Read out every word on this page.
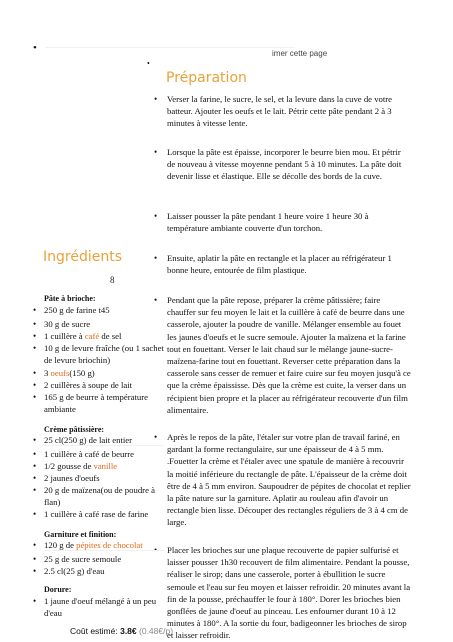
•
•
imer cette page
Préparation
• Verser la farine, le sucre, le sel, et la levure dans la cuve de votre batteur. Ajouter les oeufs et le lait. Pétrir cette pâte pendant 2 à 3 minutes à vitesse lente.
• Lorsque la pâte est épaisse, incorporer le beurre bien mou. Et pétrir de nouveau à vitesse moyenne pendant 5 à 10 minutes. La pâte doit devenir lisse et élastique. Elle se décolle des bords de la cuve.
• Laisser pousser la pâte pendant 1 heure voire 1 heure 30 à température ambiante couverte d'un torchon.
• Ensuite, aplatir la pâte en rectangle et la placer au réfrigérateur 1 bonne heure, entourée de film plastique.
• Pendant que la pâte repose, préparer la crème pâtissière; faire chauffer sur feu moyen le lait et la cuillère à café de beurre dans une casserole, ajouter la poudre de vanille. Mélanger ensemble au fouet les jaunes d'oeufs et le sucre semoule. Ajouter la maïzena et la farine tout en fouettant. Verser le lait chaud sur le mélange jaune-sucre-maïzena-farine tout en fouettant. Reverser cette préparation dans la casserole sans cesser de remuer et faire cuire sur feu moyen jusqu'à ce que la crème épaississe. Dès que la crème est cuite, la verser dans un récipient bien propre et la placer au réfrigérateur recouverte d'un film alimentaire.
• Après le repos de la pâte, l'étaler sur votre plan de travail fariné, en gardant la forme rectangulaire, sur une épaisseur de 4 à 5 mm. .Fouetter la crème et l'étaler avec une spatule de manière à recouvrir la moitié inférieure du rectangle de pâte. L'épaisseur de la crème doit être de 4 à 5 mm environ. Saupoudrer de pépites de chocolat et replier la pâte nature sur la garniture. Aplatir au rouleau afin d'avoir un rectangle bien lisse. Découper des rectangles réguliers de 3 à 4 cm de large.
Placer les brioches sur une plaque recouverte de papier sulfurisé et laisser pousser 1h30 recouvert de film alimentaire. Pendant la pousse, réaliser le sirop; dans une casserole, porter à ébullition le sucre semoule et l'eau sur feu moyen et laisser refroidir. 20 minutes avant la fin de la pousse, préchauffer le four à 180°. Dorer les brioches bien gonflées de jaune d'oeuf au pinceau. Les enfourner durant 10 à 12 minutes à 180°. A la sortie du four, badigeonner les brioches de sirop et laisser refroidir.
Ingrédients
8
Pâte à brioche:
• 250 g de farine t45
• 30 g de sucre
• 1 cuillère à café de sel
• 10 g de levure fraîche (ou 1 sachet de levure briochin)
• 3 oeufs(150 g)
• 2 cuillères à soupe de lait
• 165 g de beurre à température ambiante
Crème pâtissière:
• 25 cl(250 g) de lait entier
• 1 cuillère à café de beurre
• 1/2 gousse de vanille
• 2 jaunes d'oeufs
• 20 g de maïzena(ou de poudre à flan)
• 1 cuillère à café rase de farine
Garniture et finition:
• 120 g de pépites de chocolat
• 25 g de sucre semoule
• 2.5 cl(25 g) d'eau
Dorure:
• 1 jaune d'oeuf mélangé à un peu d'eau
Coût estimé: 3.8€ (0.48€/p)
